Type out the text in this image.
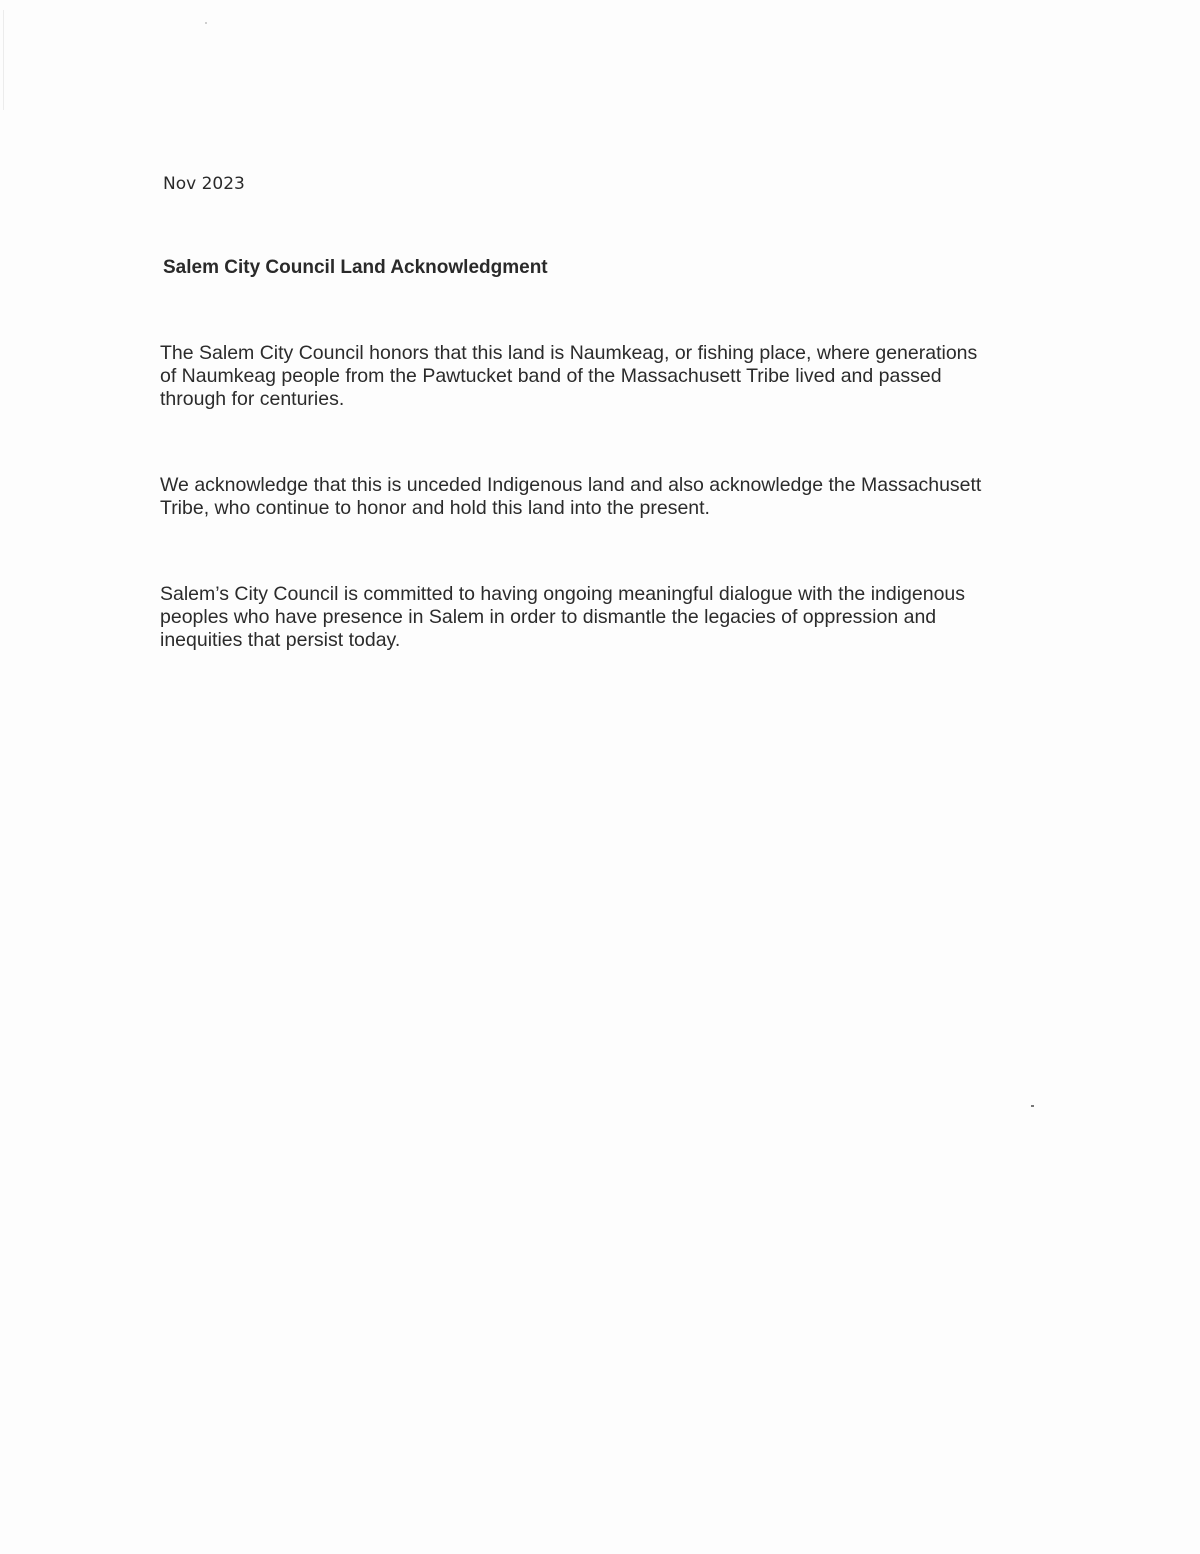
Nov 2023
Salem City Council Land Acknowledgment
The Salem City Council honors that this land is Naumkeag, or fishing place, where generations
of Naumkeag people from the Pawtucket band of the Massachusett Tribe lived and passed
through for centuries.
We acknowledge that this is unceded Indigenous land and also acknowledge the Massachusett
Tribe, who continue to honor and hold this land into the present.
Salem’s City Council is committed to having ongoing meaningful dialogue with the indigenous
peoples who have presence in Salem in order to dismantle the legacies of oppression and
inequities that persist today.
